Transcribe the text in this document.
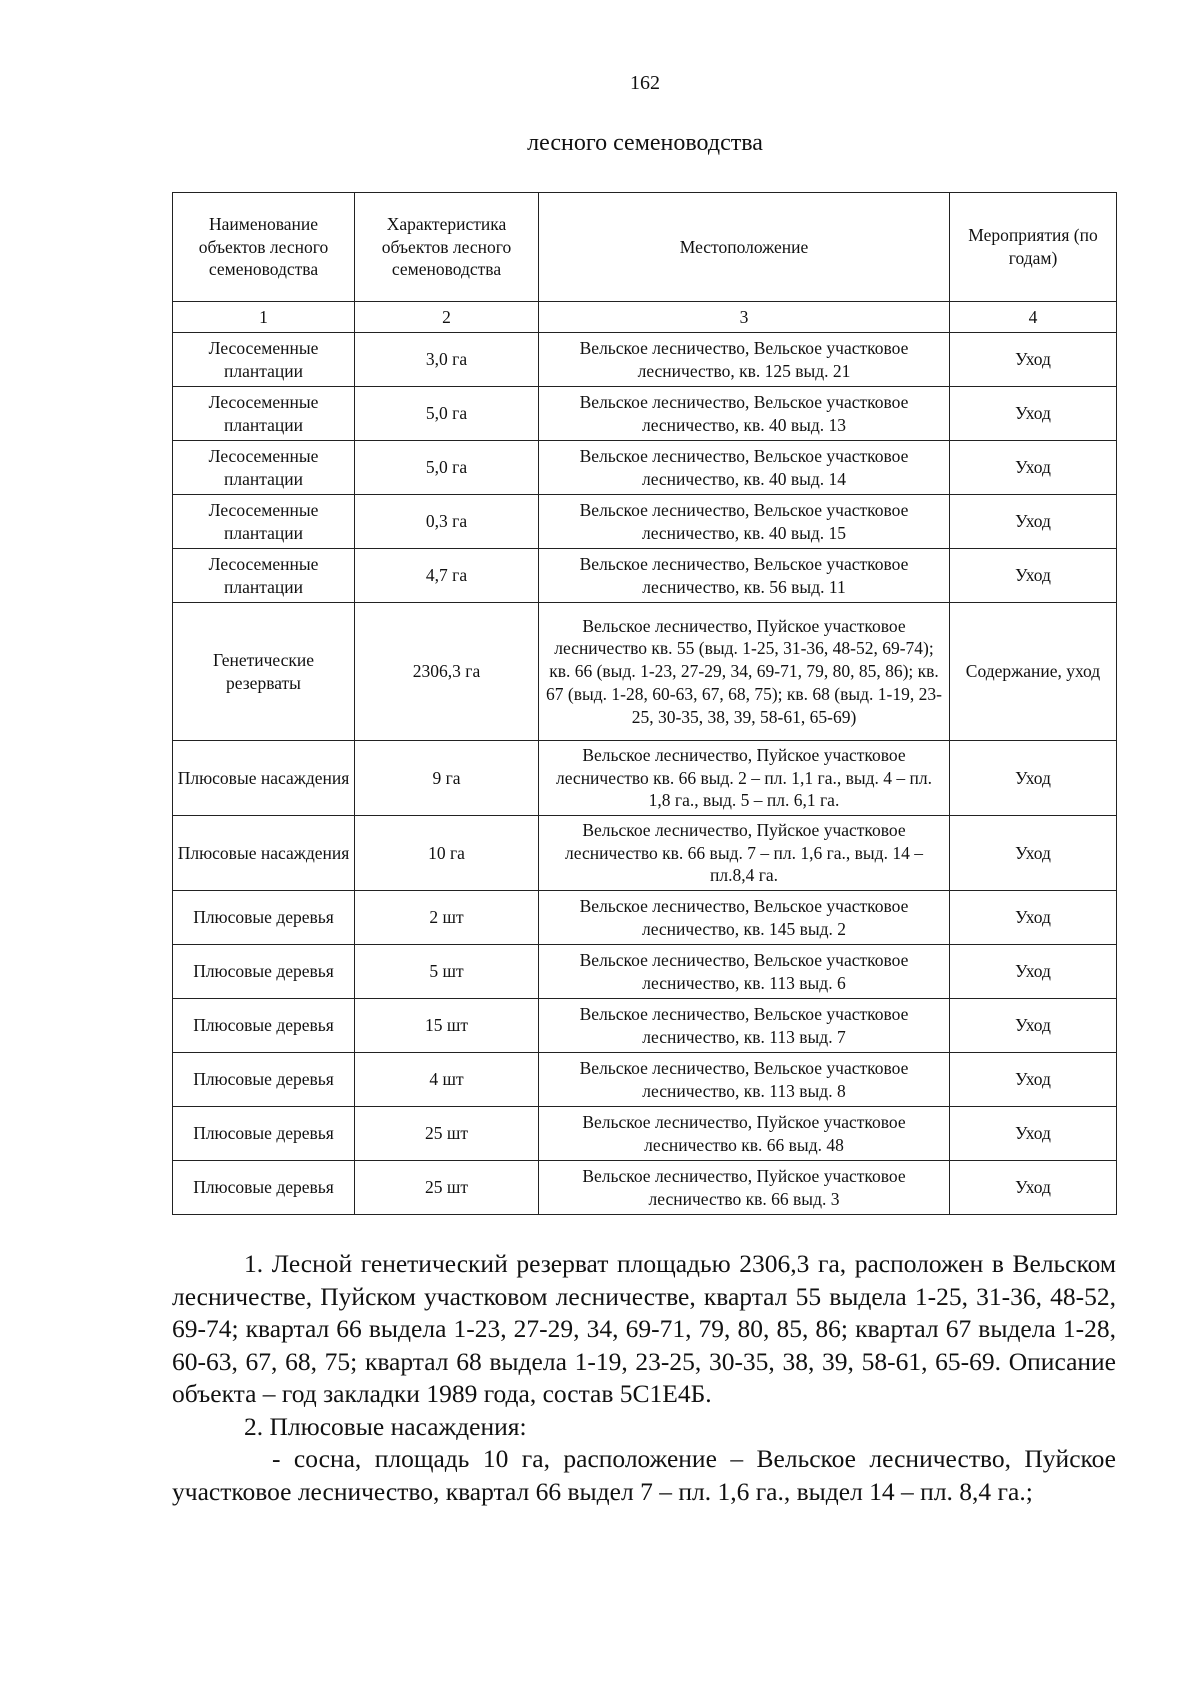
162
лесного семеноводства
Наименование объектов лесного семеноводства	Характеристика объектов лесного семеноводства	Местоположение	Мероприятия (по годам)
1	2	3	4
Лесосеменные плантации	3,0 га	Вельское лесничество, Вельское участковое лесничество, кв. 125 выд. 21	Уход
Лесосеменные плантации	5,0 га	Вельское лесничество, Вельское участковое лесничество, кв. 40 выд. 13	Уход
Лесосеменные плантации	5,0 га	Вельское лесничество, Вельское участковое лесничество, кв. 40 выд. 14	Уход
Лесосеменные плантации	0,3 га	Вельское лесничество, Вельское участковое лесничество, кв. 40 выд. 15	Уход
Лесосеменные плантации	4,7 га	Вельское лесничество, Вельское участковое лесничество, кв. 56 выд. 11	Уход
Генетические резерваты	2306,3 га	Вельское лесничество, Пуйское участковое лесничество кв. 55 (выд. 1-25, 31-36, 48-52, 69-74); кв. 66 (выд. 1-23, 27-29, 34, 69-71, 79, 80, 85, 86); кв. 67 (выд. 1-28, 60-63, 67, 68, 75); кв. 68 (выд. 1-19, 23-25, 30-35, 38, 39, 58-61, 65-69)	Содержание, уход
Плюсовые насаждения	9 га	Вельское лесничество, Пуйское участковое лесничество кв. 66 выд. 2 – пл. 1,1 га., выд. 4 – пл. 1,8 га., выд. 5 – пл. 6,1 га.	Уход
Плюсовые насаждения	10 га	Вельское лесничество, Пуйское участковое лесничество кв. 66 выд. 7 – пл. 1,6 га., выд. 14 – пл.8,4 га.	Уход
Плюсовые деревья	2 шт	Вельское лесничество, Вельское участковое лесничество, кв. 145 выд. 2	Уход
Плюсовые деревья	5 шт	Вельское лесничество, Вельское участковое лесничество, кв. 113 выд. 6	Уход
Плюсовые деревья	15 шт	Вельское лесничество, Вельское участковое лесничество, кв. 113 выд. 7	Уход
Плюсовые деревья	4 шт	Вельское лесничество, Вельское участковое лесничество, кв. 113 выд. 8	Уход
Плюсовые деревья	25 шт	Вельское лесничество, Пуйское участковое лесничество кв. 66 выд. 48	Уход
Плюсовые деревья	25 шт	Вельское лесничество, Пуйское участковое лесничество кв. 66 выд. 3	Уход

1. Лесной генетический резерват площадью 2306,3 га, расположен в Вельском лесничестве, Пуйском участковом лесничестве, квартал 55 выдела 1-25, 31-36, 48-52, 69-74; квартал 66 выдела 1-23, 27-29, 34, 69-71, 79, 80, 85, 86; квартал 67 выдела 1-28, 60-63, 67, 68, 75; квартал 68 выдела 1-19, 23-25, 30-35, 38, 39, 58-61, 65-69. Описание объекта – год закладки 1989 года, состав 5С1Е4Б.

2. Плюсовые насаждения:

- сосна, площадь 10 га, расположение – Вельское лесничество, Пуйское участковое лесничество, квартал 66 выдел 7 – пл. 1,6 га., выдел 14 – пл. 8,4 га.;
